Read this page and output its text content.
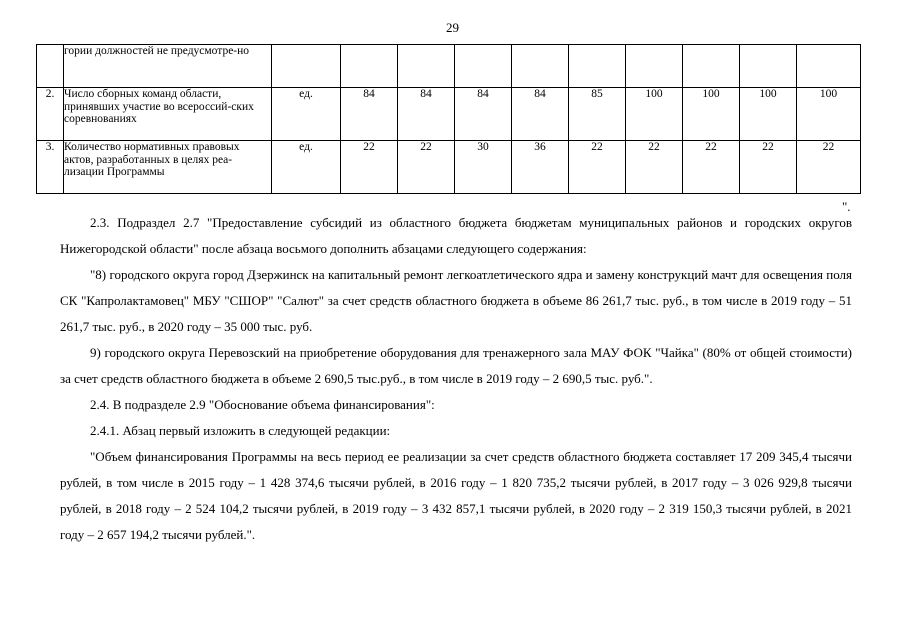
29
	гории должностей не предусмотре-но										
2.	Число сборных команд области, принявших участие во всероссий-ских соревнованиях	ед.	84	84	84	84	85	100	100	100	100
3.	Количество нормативных правовых актов, разработанных в целях реа-лизации Программы	ед.	22	22	30	36	22	22	22	22	22
".

2.3. Подраздел 2.7 "Предоставление субсидий из областного бюджета бюджетам муниципальных районов и городских округов Нижегородской области" после абзаца восьмого дополнить абзацами следующего содержания:

"8) городского округа город Дзержинск на капитальный ремонт легкоатлетического ядра и замену конструкций мачт для освещения поля СК "Капролактамовец" МБУ "СШОР" "Салют" за счет средств областного бюджета в объеме 86 261,7 тыс. руб., в том числе в 2019 году – 51 261,7 тыс. руб., в 2020 году – 35 000 тыс. руб.

9) городского округа Перевозский на приобретение оборудования для тренажерного зала МАУ ФОК "Чайка" (80% от общей стоимости) за счет средств областного бюджета в объеме 2 690,5 тыс.руб., в том числе в 2019 году – 2 690,5 тыс. руб.".

2.4. В подразделе 2.9 "Обоснование объема финансирования":

2.4.1. Абзац первый изложить в следующей редакции:

"Объем финансирования Программы на весь период ее реализации за счет средств областного бюджета составляет 17 209 345,4 тысячи рублей, в том числе в 2015 году – 1 428 374,6 тысячи рублей, в 2016 году – 1 820 735,2 тысячи рублей, в 2017 году – 3 026 929,8 тысячи рублей, в 2018 году – 2 524 104,2 тысячи рублей, в 2019 году – 3 432 857,1 тысячи рублей, в 2020 году – 2 319 150,3 тысячи рублей, в 2021 году – 2 657 194,2 тысячи рублей.".
